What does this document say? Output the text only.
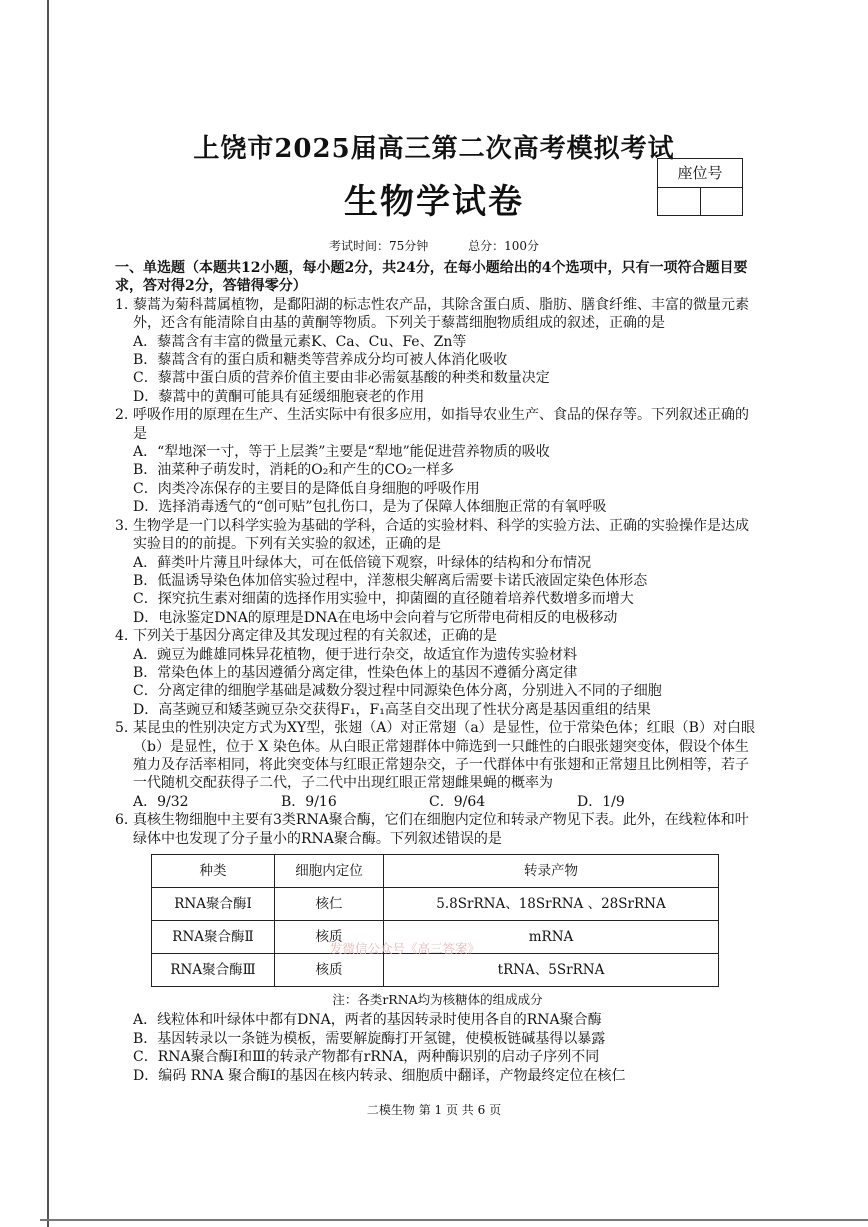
上饶市2025届高三第二次高考模拟考试
座位号
生物学试卷
考试时间：75分钟	总分：100分
一、单选题（本题共12小题，每小题2分，共24分，在每小题给出的4个选项中，只有一项符合题目要求，答对得2分，答错得零分）
1. 藜蒿为菊科蒿属植物，是鄱阳湖的标志性农产品，其除含蛋白质、脂肪、膳食纤维、丰富的微量元素外，还含有能清除自由基的黄酮等物质。下列关于藜蒿细胞物质组成的叙述，正确的是
A．藜蒿含有丰富的微量元素K、Ca、Cu、Fe、Zn等
B．藜蒿含有的蛋白质和糖类等营养成分均可被人体消化吸收
C．藜蒿中蛋白质的营养价值主要由非必需氨基酸的种类和数量决定
D．藜蒿中的黄酮可能具有延缓细胞衰老的作用
2. 呼吸作用的原理在生产、生活实际中有很多应用，如指导农业生产、食品的保存等。下列叙述正确的是
A．“犁地深一寸，等于上层粪”主要是“犁地”能促进营养物质的吸收
B．油菜种子萌发时，消耗的O₂和产生的CO₂一样多
C．肉类冷冻保存的主要目的是降低自身细胞的呼吸作用
D．选择消毒透气的“创可贴”包扎伤口，是为了保障人体细胞正常的有氧呼吸
3. 生物学是一门以科学实验为基础的学科，合适的实验材料、科学的实验方法、正确的实验操作是达成实验目的的前提。下列有关实验的叙述，正确的是
A．藓类叶片薄且叶绿体大，可在低倍镜下观察，叶绿体的结构和分布情况
B．低温诱导染色体加倍实验过程中，洋葱根尖解离后需要卡诺氏液固定染色体形态
C．探究抗生素对细菌的选择作用实验中，抑菌圈的直径随着培养代数增多而增大
D．电泳鉴定DNA的原理是DNA在电场中会向着与它所带电荷相反的电极移动
4. 下列关于基因分离定律及其发现过程的有关叙述，正确的是
A．豌豆为雌雄同株异花植物，便于进行杂交，故适宜作为遗传实验材料
B．常染色体上的基因遵循分离定律，性染色体上的基因不遵循分离定律
C．分离定律的细胞学基础是减数分裂过程中同源染色体分离，分别进入不同的子细胞
D．高茎豌豆和矮茎豌豆杂交获得F₁，F₁高茎自交出现了性状分离是基因重组的结果
5. 某昆虫的性别决定方式为XY型，张翅（A）对正常翅（a）是显性，位于常染色体；红眼（B）对白眼（b）是显性，位于 X 染色体。从白眼正常翅群体中筛选到一只雌性的白眼张翅突变体，假设个体生殖力及存活率相同，将此突变体与红眼正常翅杂交，子一代群体中有张翅和正常翅且比例相等，若子一代随机交配获得子二代，子二代中出现红眼正常翅雌果蝇的概率为
A．9/32	B．9/16	C．9/64	D．1/9
6. 真核生物细胞中主要有3类RNA聚合酶，它们在细胞内定位和转录产物见下表。此外，在线粒体和叶绿体中也发现了分子量小的RNA聚合酶。下列叙述错误的是
种类	细胞内定位	转录产物
RNA聚合酶Ⅰ	核仁	5.8SrRNA、18SrRNA 、28SrRNA
RNA聚合酶Ⅱ	核质	mRNA
RNA聚合酶Ⅲ	核质	tRNA、5SrRNA
注：各类rRNA均为核糖体的组成成分
A．线粒体和叶绿体中都有DNA，两者的基因转录时使用各自的RNA聚合酶
B．基因转录以一条链为模板，需要解旋酶打开氢键，使模板链碱基得以暴露
C．RNA聚合酶Ⅰ和Ⅲ的转录产物都有rRNA，两种酶识别的启动子序列不同
D．编码 RNA 聚合酶Ⅰ的基因在核内转录、细胞质中翻译，产物最终定位在核仁
发微信公众号《高三答案》
二模生物 第 1 页 共 6 页
